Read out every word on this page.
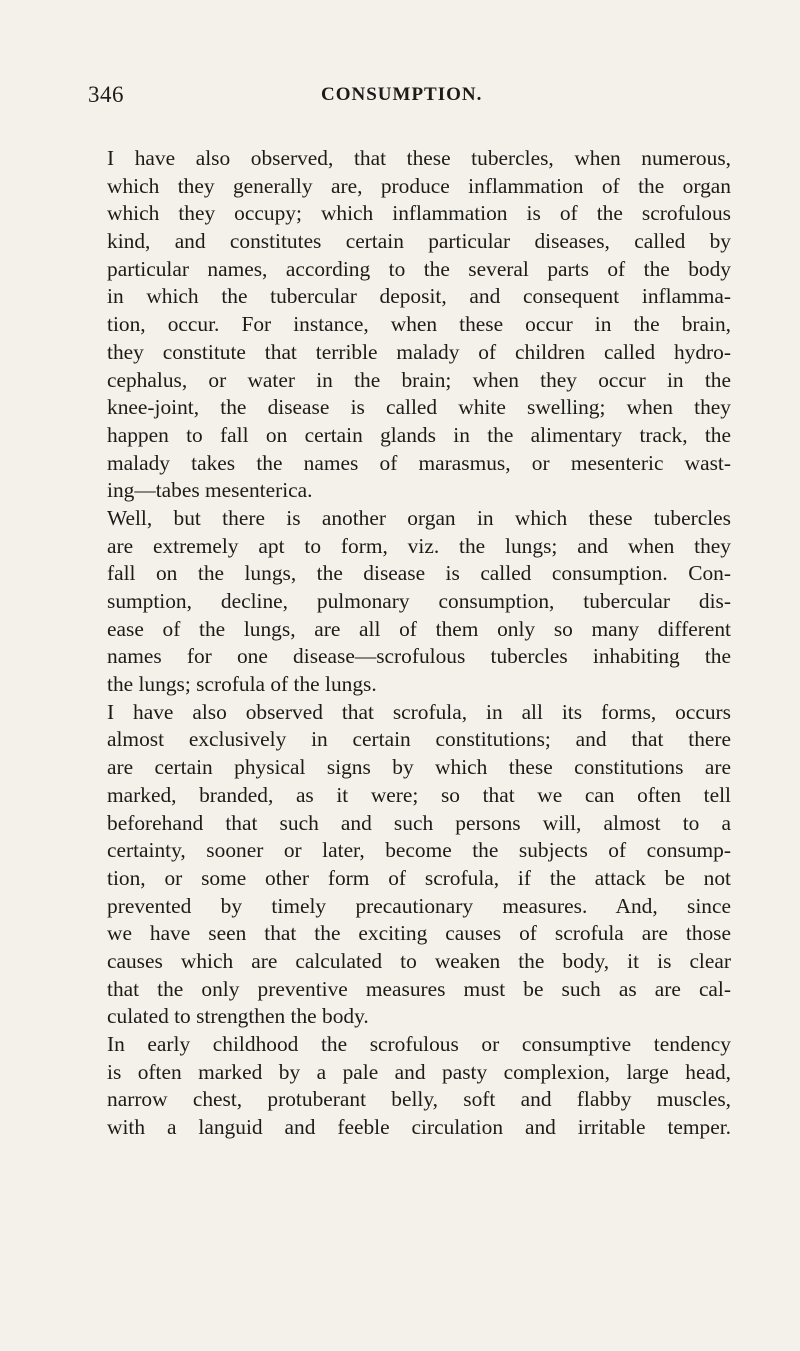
346	CONSUMPTION.
I have also observed, that these tubercles, when numerous,
which they generally are, produce inflammation of the organ
which they occupy; which inflammation is of the scrofulous
kind, and constitutes certain particular diseases, called by
particular names, according to the several parts of the body
in which the tubercular deposit, and consequent inflamma-
tion, occur. For instance, when these occur in the brain,
they constitute that terrible malady of children called hydro-
cephalus, or water in the brain; when they occur in the
knee-joint, the disease is called white swelling; when they
happen to fall on certain glands in the alimentary track, the
malady takes the names of marasmus, or mesenteric wast-
ing—tabes mesenterica.
Well, but there is another organ in which these tubercles
are extremely apt to form, viz. the lungs; and when they
fall on the lungs, the disease is called consumption. Con-
sumption, decline, pulmonary consumption, tubercular dis-
ease of the lungs, are all of them only so many different
names for one disease—scrofulous tubercles inhabiting the
the lungs; scrofula of the lungs.
I have also observed that scrofula, in all its forms, occurs
almost exclusively in certain constitutions; and that there
are certain physical signs by which these constitutions are
marked, branded, as it were; so that we can often tell
beforehand that such and such persons will, almost to a
certainty, sooner or later, become the subjects of consump-
tion, or some other form of scrofula, if the attack be not
prevented by timely precautionary measures. And, since
we have seen that the exciting causes of scrofula are those
causes which are calculated to weaken the body, it is clear
that the only preventive measures must be such as are cal-
culated to strengthen the body.
In early childhood the scrofulous or consumptive tendency
is often marked by a pale and pasty complexion, large head,
narrow chest, protuberant belly, soft and flabby muscles,
with a languid and feeble circulation and irritable temper.
